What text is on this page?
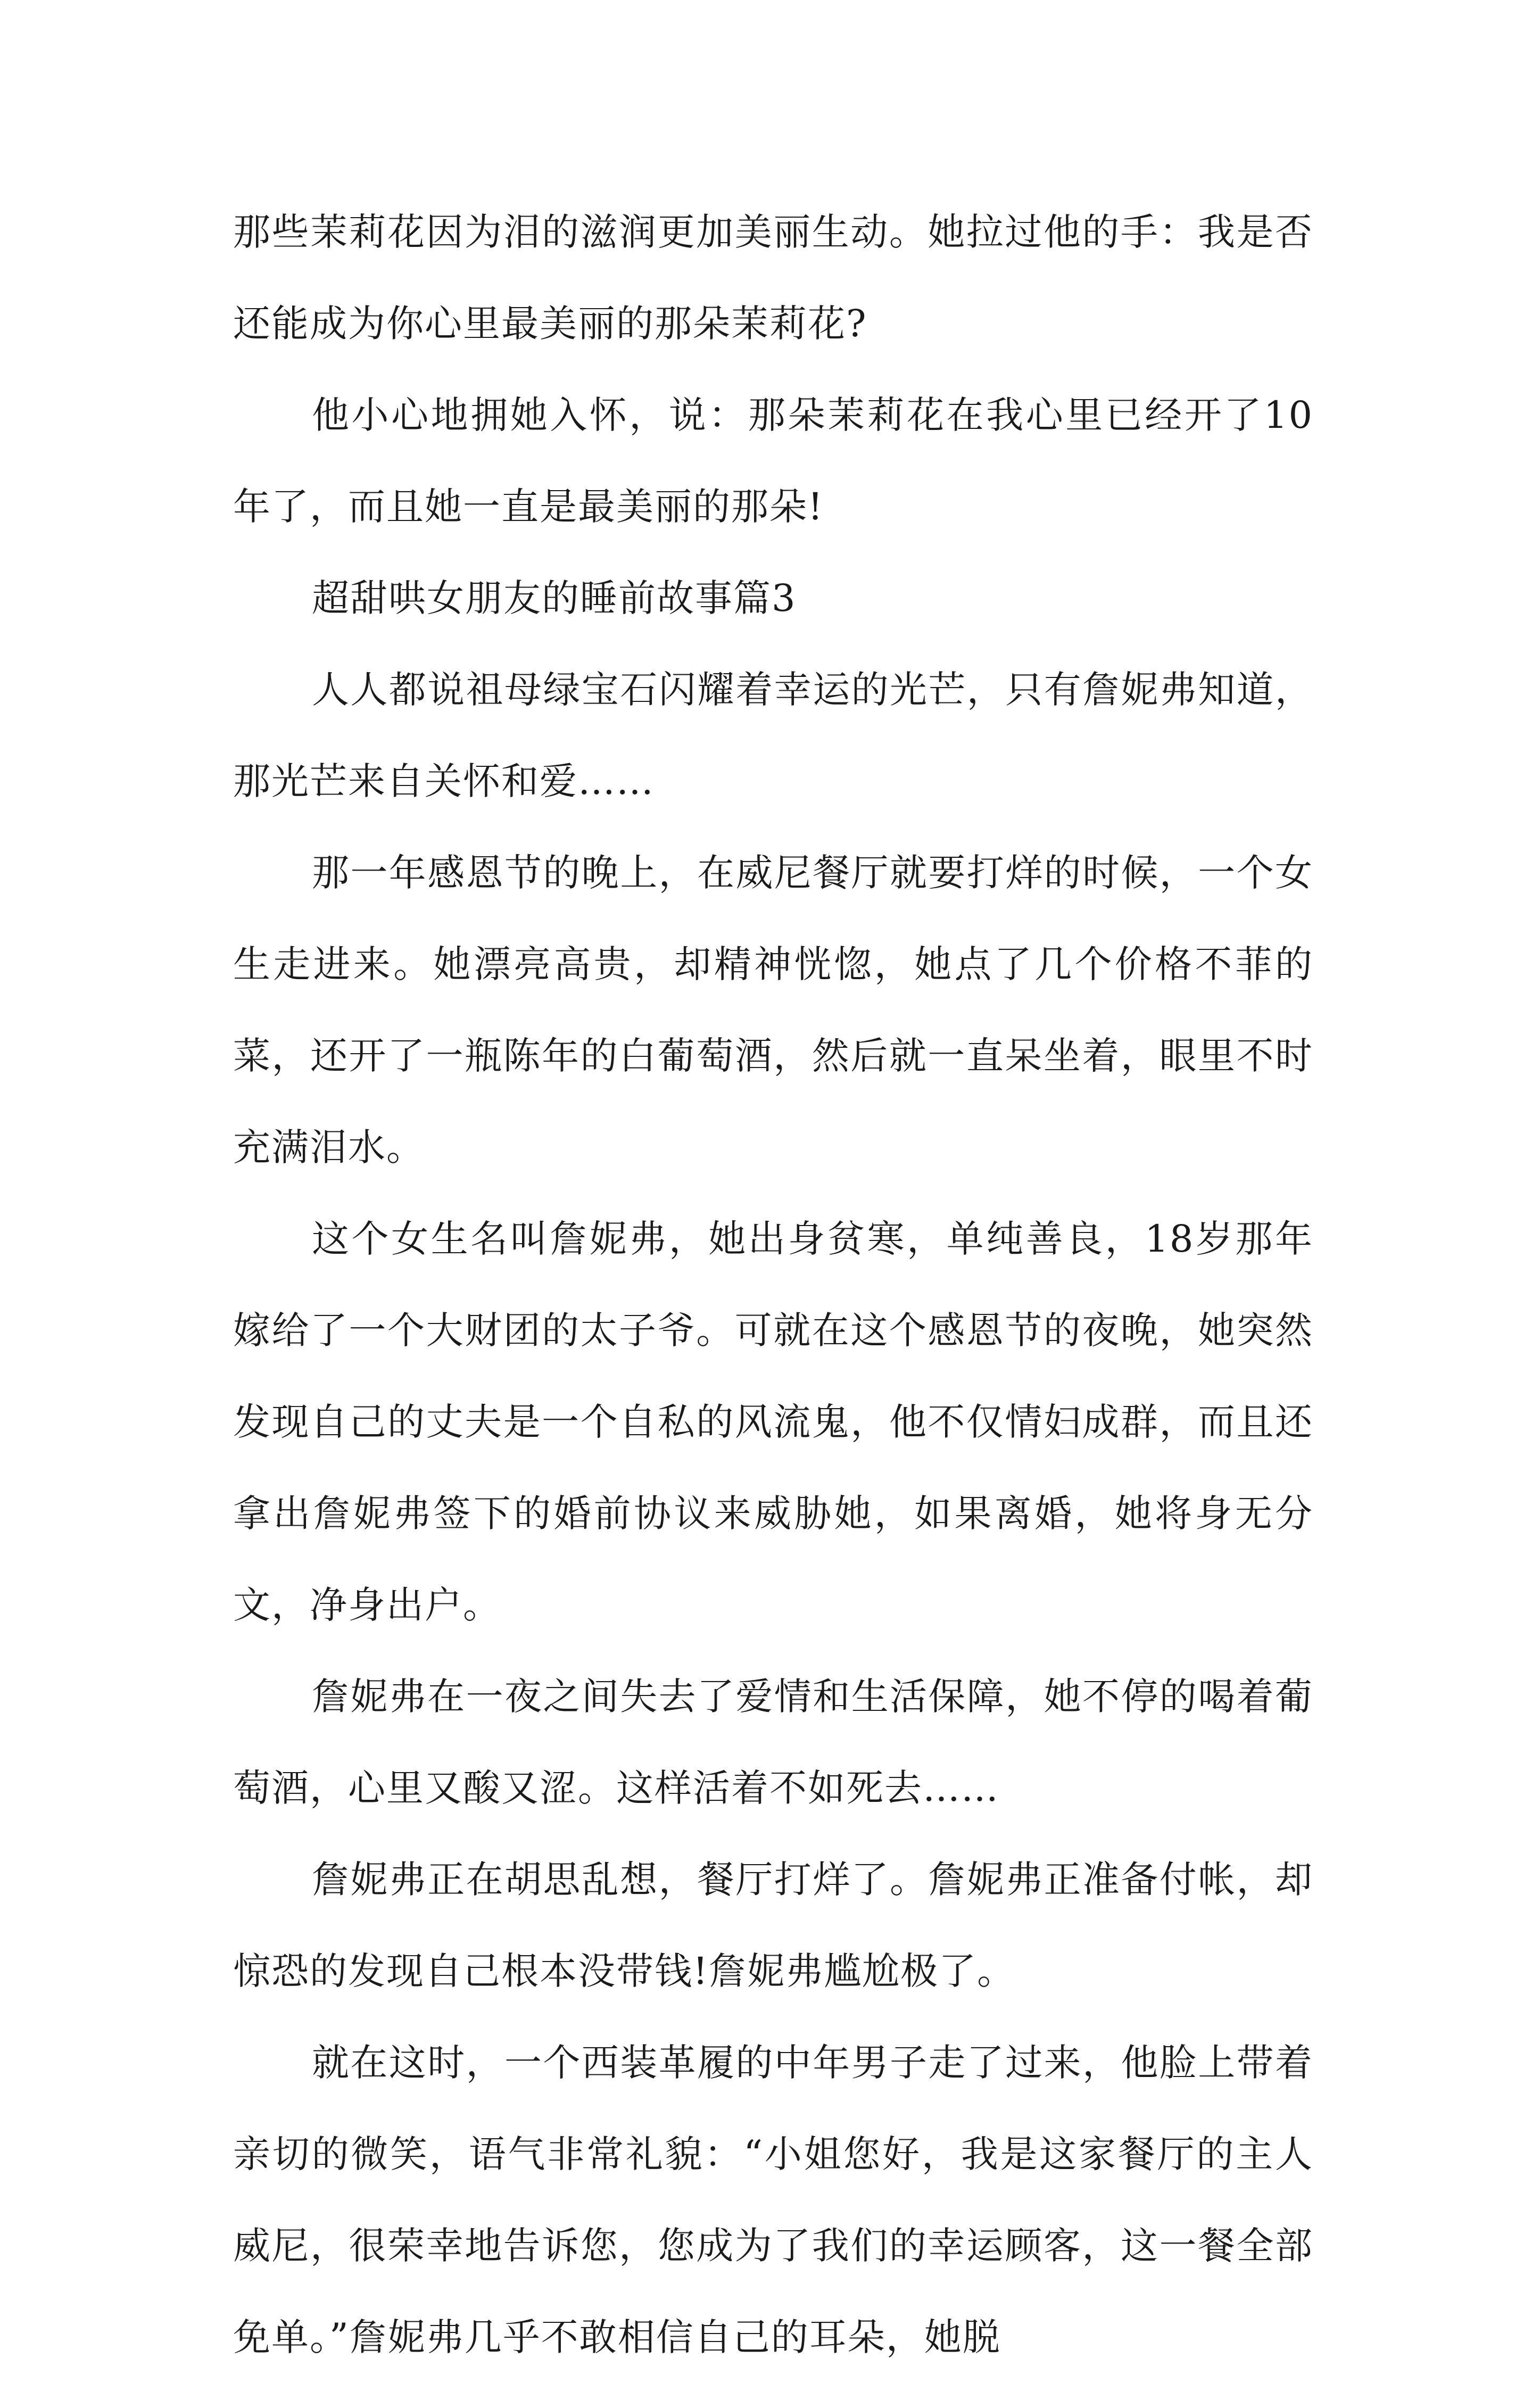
那些茉莉花因为泪的滋润更加美丽生动。她拉过他的手：我是否还能成为你心里最美丽的那朵茉莉花?

他小心地拥她入怀，说：那朵茉莉花在我心里已经开了10年了，而且她一直是最美丽的那朵!

超甜哄女朋友的睡前故事篇3

人人都说祖母绿宝石闪耀着幸运的光芒，只有詹妮弗知道，那光芒来自关怀和爱……

那一年感恩节的晚上，在威尼餐厅就要打烊的时候，一个女生走进来。她漂亮高贵，却精神恍惚，她点了几个价格不菲的菜，还开了一瓶陈年的白葡萄酒，然后就一直呆坐着，眼里不时充满泪水。

这个女生名叫詹妮弗，她出身贫寒，单纯善良，18岁那年嫁给了一个大财团的太子爷。可就在这个感恩节的夜晚，她突然发现自己的丈夫是一个自私的风流鬼，他不仅情妇成群，而且还拿出詹妮弗签下的婚前协议来威胁她，如果离婚，她将身无分文，净身出户。

詹妮弗在一夜之间失去了爱情和生活保障，她不停的喝着葡萄酒，心里又酸又涩。这样活着不如死去……

詹妮弗正在胡思乱想，餐厅打烊了。詹妮弗正准备付帐，却惊恐的发现自己根本没带钱!詹妮弗尴尬极了。

就在这时，一个西装革履的中年男子走了过来，他脸上带着亲切的微笑，语气非常礼貌：“小姐您好，我是这家餐厅的主人威尼，很荣幸地告诉您，您成为了我们的幸运顾客，这一餐全部免单。”詹妮弗几乎不敢相信自己的耳朵，她脱
